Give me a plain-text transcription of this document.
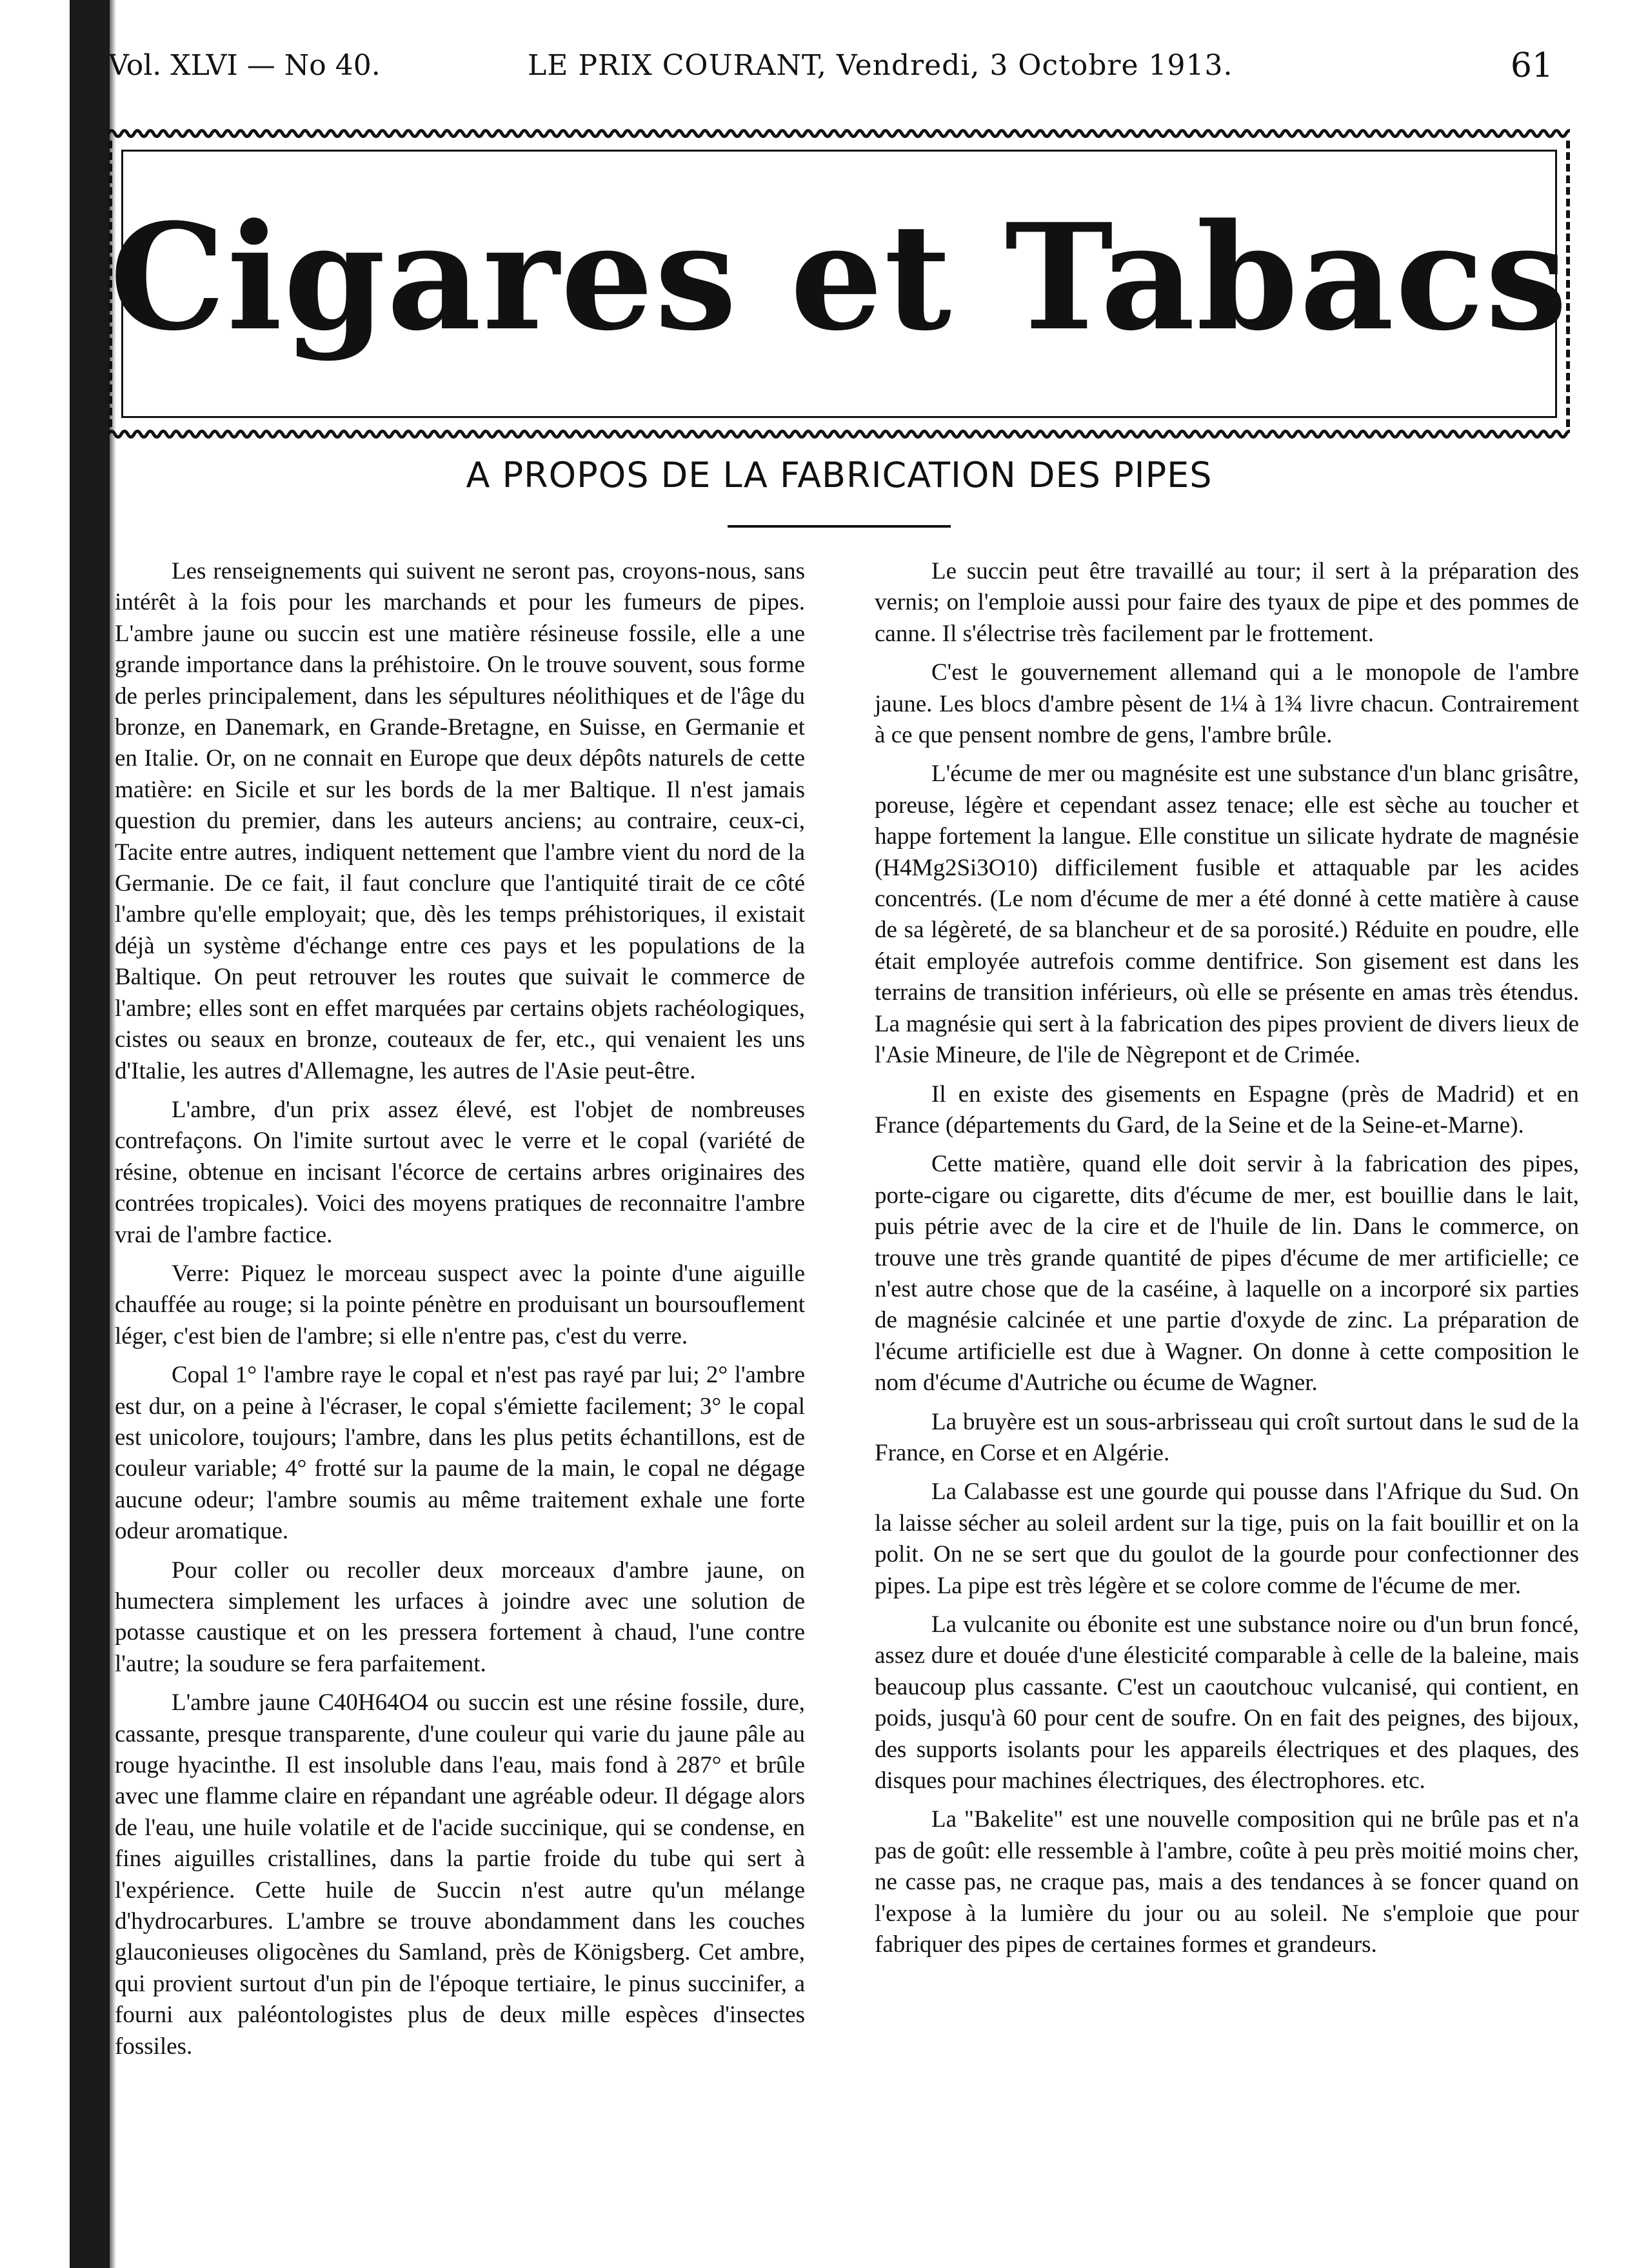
Vol. XLVI — No 40.	LE PRIX COURANT, Vendredi, 3 Octobre 1913.	61
Cigares et Tabacs
A PROPOS DE LA FABRICATION DES PIPES

Les renseignements qui suivent ne seront pas, croyons-nous, sans intérêt à la fois pour les marchands et pour les fumeurs de pipes. L'ambre jaune ou succin est une matière résineuse fossile, elle a une grande importance dans la préhistoire. On le trouve souvent, sous forme de perles principalement, dans les sépultures néolithiques et de l'âge du bronze, en Danemark, en Grande-Bretagne, en Suisse, en Germanie et en Italie. Or, on ne connait en Europe que deux dépôts naturels de cette matière: en Sicile et sur les bords de la mer Baltique. Il n'est jamais question du premier, dans les auteurs anciens; au contraire, ceux-ci, Tacite entre autres, indiquent nettement que l'ambre vient du nord de la Germanie. De ce fait, il faut conclure que l'antiquité tirait de ce côté l'ambre qu'elle employait; que, dès les temps préhistoriques, il existait déjà un système d'échange entre ces pays et les populations de la Baltique. On peut retrouver les routes que suivait le commerce de l'ambre; elles sont en effet marquées par certains objets rachéologiques, cistes ou seaux en bronze, couteaux de fer, etc., qui venaient les uns d'Italie, les autres d'Allemagne, les autres de l'Asie peut-être.

L'ambre, d'un prix assez élevé, est l'objet de nombreuses contrefaçons. On l'imite surtout avec le verre et le copal (variété de résine, obtenue en incisant l'écorce de certains arbres originaires des contrées tropicales). Voici des moyens pratiques de reconnaitre l'ambre vrai de l'ambre factice.

Verre: Piquez le morceau suspect avec la pointe d'une aiguille chauffée au rouge; si la pointe pénètre en produisant un boursouflement léger, c'est bien de l'ambre; si elle n'entre pas, c'est du verre.

Copal 1° l'ambre raye le copal et n'est pas rayé par lui; 2° l'ambre est dur, on a peine à l'écraser, le copal s'émiette facilement; 3° le copal est unicolore, toujours; l'ambre, dans les plus petits échantillons, est de couleur variable; 4° frotté sur la paume de la main, le copal ne dégage aucune odeur; l'ambre soumis au même traitement exhale une forte odeur aromatique.

Pour coller ou recoller deux morceaux d'ambre jaune, on humectera simplement les urfaces à joindre avec une solution de potasse caustique et on les pressera fortement à chaud, l'une contre l'autre; la soudure se fera parfaitement.

L'ambre jaune C40H64O4 ou succin est une résine fossile, dure, cassante, presque transparente, d'une couleur qui varie du jaune pâle au rouge hyacinthe. Il est insoluble dans l'eau, mais fond à 287° et brûle avec une flamme claire en répandant une agréable odeur. Il dégage alors de l'eau, une huile volatile et de l'acide succinique, qui se condense, en fines aiguilles cristallines, dans la partie froide du tube qui sert à l'expérience. Cette huile de Succin n'est autre qu'un mélange d'hydrocarbures. L'ambre se trouve abondamment dans les couches glauconieuses oligocènes du Samland, près de Königsberg. Cet ambre, qui provient surtout d'un pin de l'époque tertiaire, le pinus succinifer, a fourni aux paléontologistes plus de deux mille espèces d'insectes fossiles.

Le succin peut être travaillé au tour; il sert à la préparation des vernis; on l'emploie aussi pour faire des tyaux de pipe et des pommes de canne. Il s'électrise très facilement par le frottement.

C'est le gouvernement allemand qui a le monopole de l'ambre jaune. Les blocs d'ambre pèsent de 1¼ à 1¾ livre chacun. Contrairement à ce que pensent nombre de gens, l'ambre brûle.

L'écume de mer ou magnésite est une substance d'un blanc grisâtre, poreuse, légère et cependant assez tenace; elle est sèche au toucher et happe fortement la langue. Elle constitue un silicate hydrate de magnésie (H4Mg2Si3O10) difficilement fusible et attaquable par les acides concentrés. (Le nom d'écume de mer a été donné à cette matière à cause de sa légèreté, de sa blancheur et de sa porosité.) Réduite en poudre, elle était employée autrefois comme dentifrice. Son gisement est dans les terrains de transition inférieurs, où elle se présente en amas très étendus. La magnésie qui sert à la fabrication des pipes provient de divers lieux de l'Asie Mineure, de l'ile de Nègrepont et de Crimée.

Il en existe des gisements en Espagne (près de Madrid) et en France (départements du Gard, de la Seine et de la Seine-et-Marne).

Cette matière, quand elle doit servir à la fabrication des pipes, porte-cigare ou cigarette, dits d'écume de mer, est bouillie dans le lait, puis pétrie avec de la cire et de l'huile de lin. Dans le commerce, on trouve une très grande quantité de pipes d'écume de mer artificielle; ce n'est autre chose que de la caséine, à laquelle on a incorporé six parties de magnésie calcinée et une partie d'oxyde de zinc. La préparation de l'écume artificielle est due à Wagner. On donne à cette composition le nom d'écume d'Autriche ou écume de Wagner.

La bruyère est un sous-arbrisseau qui croît surtout dans le sud de la France, en Corse et en Algérie.

La Calabasse est une gourde qui pousse dans l'Afrique du Sud. On la laisse sécher au soleil ardent sur la tige, puis on la fait bouillir et on la polit. On ne se sert que du goulot de la gourde pour confectionner des pipes. La pipe est très légère et se colore comme de l'écume de mer.

La vulcanite ou ébonite est une substance noire ou d'un brun foncé, assez dure et douée d'une élesticité comparable à celle de la baleine, mais beaucoup plus cassante. C'est un caoutchouc vulcanisé, qui contient, en poids, jusqu'à 60 pour cent de soufre. On en fait des peignes, des bijoux, des supports isolants pour les appareils électriques et des plaques, des disques pour machines électriques, des électrophores. etc.

La "Bakelite" est une nouvelle composition qui ne brûle pas et n'a pas de goût: elle ressemble à l'ambre, coûte à peu près moitié moins cher, ne casse pas, ne craque pas, mais a des tendances à se foncer quand on l'expose à la lumière du jour ou au soleil. Ne s'emploie que pour fabriquer des pipes de certaines formes et grandeurs.
